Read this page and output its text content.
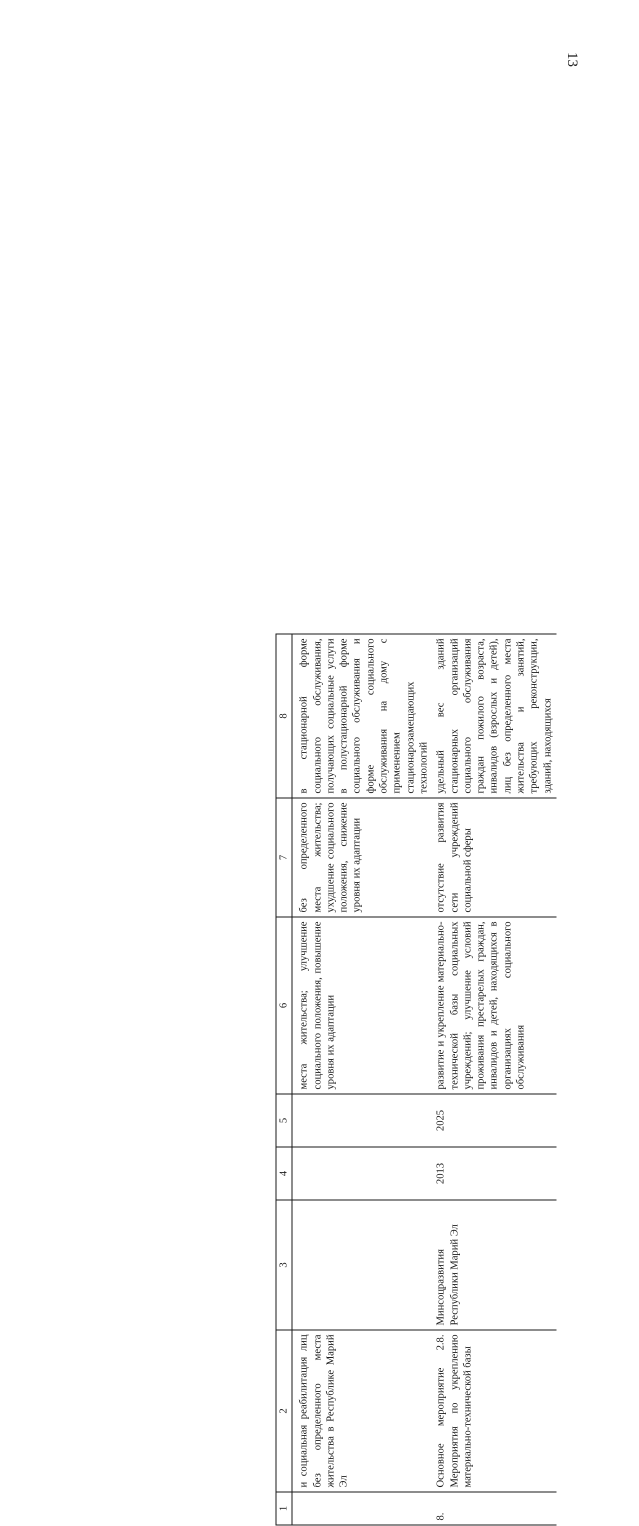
13
1	2	3	4	5	6	7	8
	и социальная реабилитация лиц без определенного места жительства в Республике Марий Эл				места жительства; улучшение социального положения, повышение уровня их адаптации	без определенного места жительства; ухудшение социального положения, снижение уровня их адаптации	в стационарной форме социального обслуживания, получающих социальные услуги в полустационарной форме социального обслуживания и форме социального обслуживания на дому с применением стационарозамещающих технологий
8.	Основное мероприятие 2.8. Мероприятия по укреплению материально-технической базы	Минсоцразвития Республики Марий Эл	2013	2025	развитие и укрепление материально-технической базы социальных учреждений; улучшение условий проживания престарелых граждан, инвалидов и детей, находящихся в организациях социального обслуживания	отсутствие развития сети учреждений социальной сферы	удельный вес зданий стационарных организаций социального обслуживания граждан пожилого возраста, инвалидов (взрослых и детей), лиц без определенного места жительства и занятий, требующих реконструкции, зданий, находящихся
